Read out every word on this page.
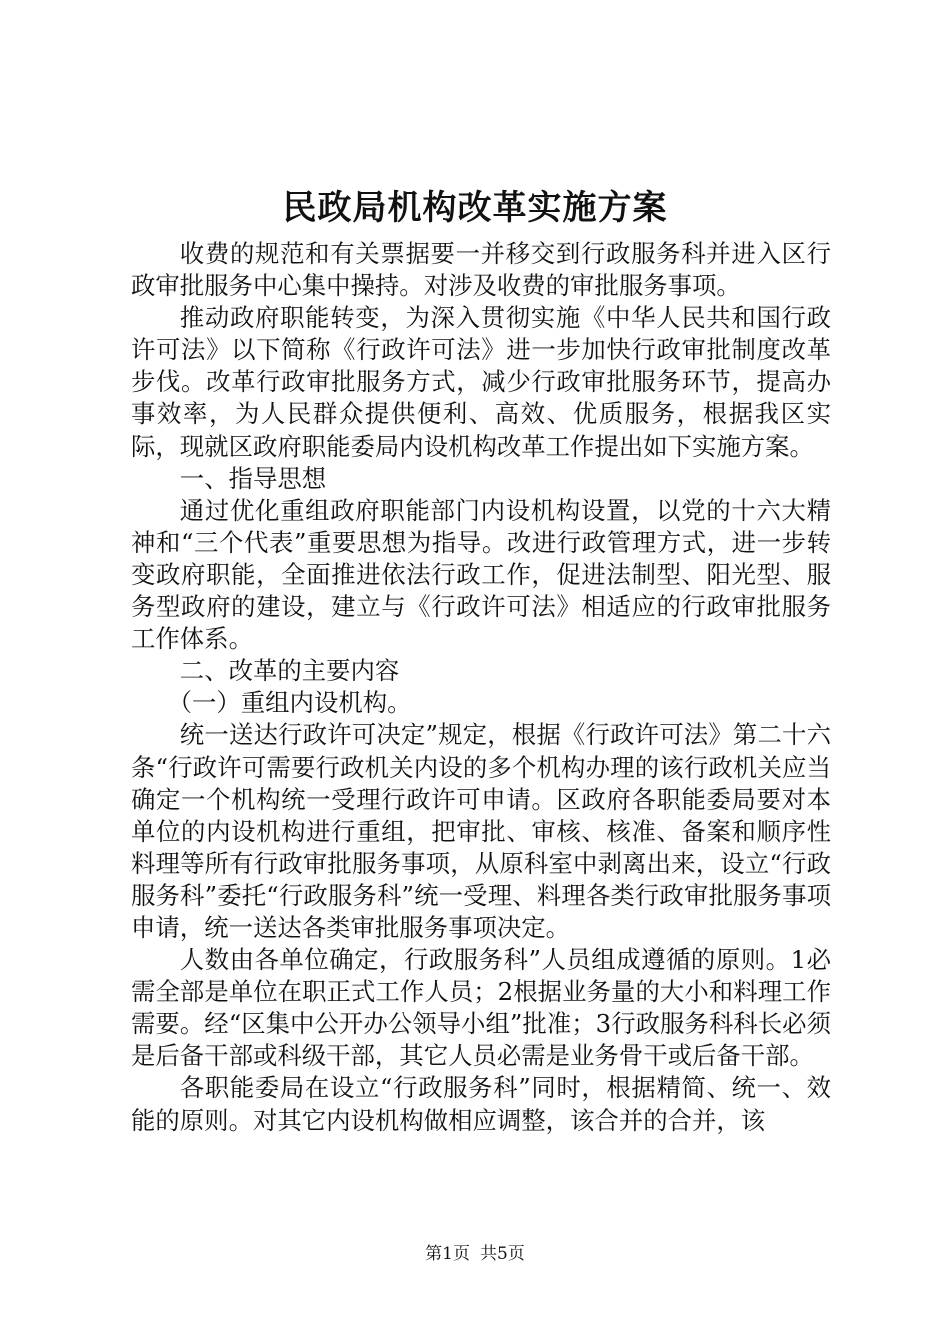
民政局机构改革实施方案

收费的规范和有关票据要一并移交到行政服务科并进入区行政审批服务中心集中操持。对涉及收费的审批服务事项。

推动政府职能转变，为深入贯彻实施《中华人民共和国行政许可法》以下简称《行政许可法》进一步加快行政审批制度改革步伐。改革行政审批服务方式，减少行政审批服务环节，提高办事效率，为人民群众提供便利、高效、优质服务，根据我区实际，现就区政府职能委局内设机构改革工作提出如下实施方案。

一、指导思想

通过优化重组政府职能部门内设机构设置，以党的十六大精神和“三个代表”重要思想为指导。改进行政管理方式，进一步转变政府职能，全面推进依法行政工作，促进法制型、阳光型、服务型政府的建设，建立与《行政许可法》相适应的行政审批服务工作体系。

二、改革的主要内容

（一）重组内设机构。

统一送达行政许可决定”规定，根据《行政许可法》第二十六条“行政许可需要行政机关内设的多个机构办理的该行政机关应当确定一个机构统一受理行政许可申请。区政府各职能委局要对本单位的内设机构进行重组，把审批、审核、核准、备案和顺序性料理等所有行政审批服务事项，从原科室中剥离出来，设立“行政服务科”委托“行政服务科”统一受理、料理各类行政审批服务事项申请，统一送达各类审批服务事项决定。

人数由各单位确定，行政服务科”人员组成遵循的原则。1必需全部是单位在职正式工作人员；2根据业务量的大小和料理工作需要。经“区集中公开办公领导小组”批准；3行政服务科科长必须是后备干部或科级干部，其它人员必需是业务骨干或后备干部。

各职能委局在设立“行政服务科”同时，根据精简、统一、效能的原则。对其它内设机构做相应调整，该合并的合并，该

第1页 共5页
